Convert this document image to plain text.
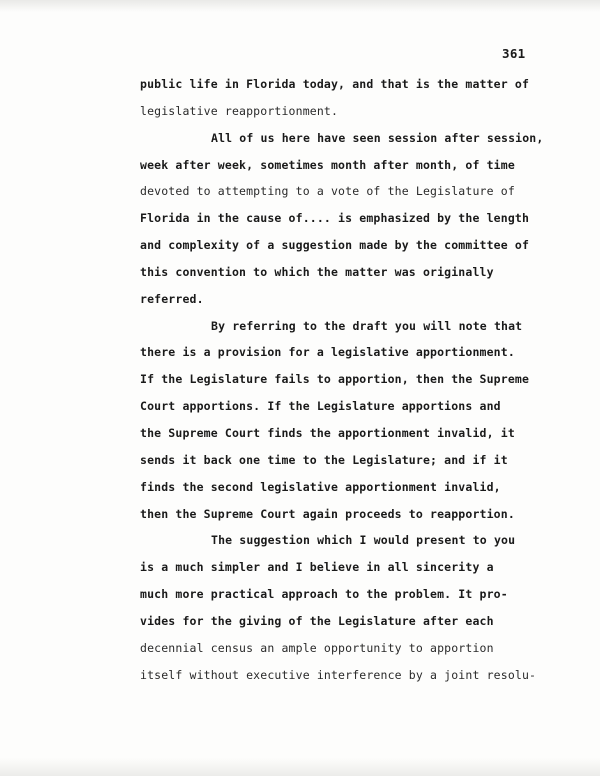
361
public life in Florida today, and that is the matter of
legislative reapportionment.
All of us here have seen session after session,
week after week, sometimes month after month, of time
devoted to attempting to a vote of the Legislature of
Florida in the cause of.... is emphasized by the length
and complexity of a suggestion made by the committee of
this convention to which the matter was originally
referred.
By referring to the draft you will note that
there is a provision for a legislative apportionment.
If the Legislature fails to apportion, then the Supreme
Court apportions. If the Legislature apportions and
the Supreme Court finds the apportionment invalid, it
sends it back one time to the Legislature; and if it
finds the second legislative apportionment invalid,
then the Supreme Court again proceeds to reapportion.
The suggestion which I would present to you
is a much simpler and I believe in all sincerity a
much more practical approach to the problem. It pro-
vides for the giving of the Legislature after each
decennial census an ample opportunity to apportion
itself without executive interference by a joint resolu-
